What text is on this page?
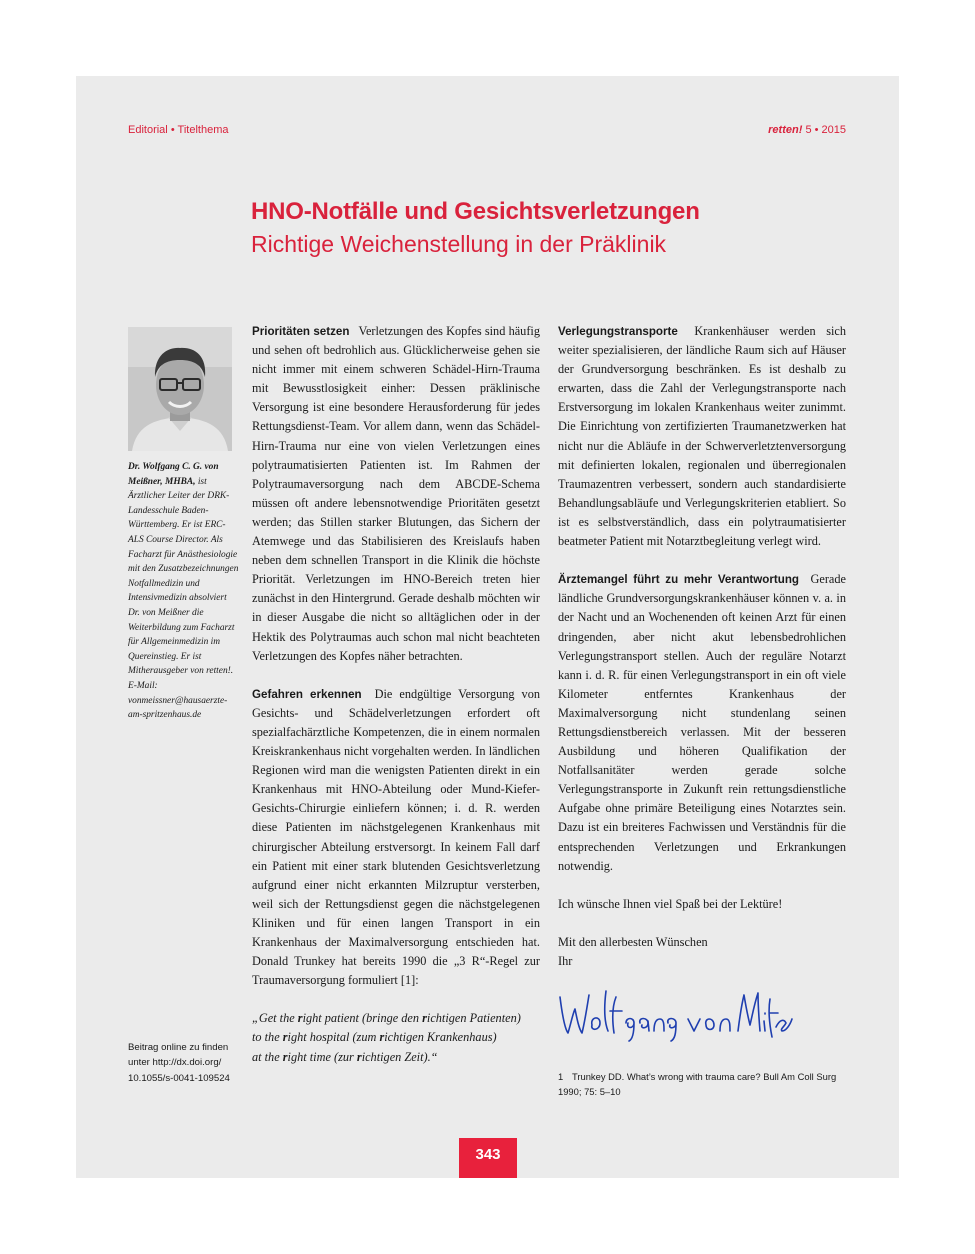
Editorial • Titelthema	retten! 5 • 2015
HNO-Notfälle und Gesichtsverletzungen
Richtige Weichenstellung in der Präklinik
Dr. Wolfgang C. G. von Meißner, MHBA, ist Ärztlicher Leiter der DRK-Landesschule Baden-Württemberg. Er ist ERC-ALS Course Director. Als Facharzt für Anästhesiologie mit den Zusatzbezeichnungen Notfallmedizin und Intensivmedizin absolviert Dr. von Meißner die Weiterbildung zum Facharzt für Allgemeinmedizin im Quereinstieg. Er ist Mitherausgeber von retten!. E-Mail: vonmeissner@hausaerzte-am-spritzenhaus.de
Beitrag online zu finden
unter http://dx.doi.org/
10.1055/s-0041-109524

Prioritäten setzen Verletzungen des Kopfes sind häufig und sehen oft bedrohlich aus. Glücklicherweise gehen sie nicht immer mit einem schweren Schädel-Hirn-Trauma mit Bewusstlosigkeit einher: Dessen präklinische Versorgung ist eine besondere Herausforderung für jedes Rettungsdienst-Team. Vor allem dann, wenn das Schädel-Hirn-Trauma nur eine von vielen Verletzungen eines polytraumatisierten Patienten ist. Im Rahmen der Polytraumaversorgung nach dem ABCDE-Schema müssen oft andere lebensnotwendige Prioritäten gesetzt werden; das Stillen starker Blutungen, das Sichern der Atemwege und das Stabilisieren des Kreislaufs haben neben dem schnellen Transport in die Klinik die höchste Priorität. Verletzungen im HNO-Bereich treten hier zunächst in den Hintergrund. Gerade deshalb möchten wir in dieser Ausgabe die nicht so alltäglichen oder in der Hektik des Polytraumas auch schon mal nicht beachteten Verletzungen des Kopfes näher betrachten.

Gefahren erkennen Die endgültige Versorgung von Gesichts- und Schädelverletzungen erfordert oft spezialfachärztliche Kompetenzen, die in einem normalen Kreiskrankenhaus nicht vorgehalten werden. In ländlichen Regionen wird man die wenigsten Patienten direkt in ein Krankenhaus mit HNO-Abteilung oder Mund-Kiefer-Gesichts-Chirurgie einliefern können; i. d. R. werden diese Patienten im nächstgelegenen Krankenhaus mit chirurgischer Abteilung erstversorgt. In keinem Fall darf ein Patient mit einer stark blutenden Gesichtsverletzung aufgrund einer nicht erkannten Milzruptur versterben, weil sich der Rettungsdienst gegen die nächstgelegenen Kliniken und für einen langen Transport in ein Krankenhaus der Maximalversorgung entschieden hat. Donald Trunkey hat bereits 1990 die „3 R“-Regel zur Traumaversorgung formuliert [1]:

„Get the right patient (bringe den richtigen Patienten)
to the right hospital (zum richtigen Krankenhaus)
at the right time (zur richtigen Zeit).“

Verlegungstransporte Krankenhäuser werden sich weiter spezialisieren, der ländliche Raum sich auf Häuser der Grundversorgung beschränken. Es ist deshalb zu erwarten, dass die Zahl der Verlegungstransporte nach Erstversorgung im lokalen Krankenhaus weiter zunimmt. Die Einrichtung von zertifizierten Traumanetzwerken hat nicht nur die Abläufe in der Schwerverletztenversorgung mit definierten lokalen, regionalen und überregionalen Traumazentren verbessert, sondern auch standardisierte Behandlungsabläufe und Verlegungskriterien etabliert. So ist es selbstverständlich, dass ein polytraumatisierter beatmeter Patient mit Notarztbegleitung verlegt wird.

Ärztemangel führt zu mehr Verantwortung Gerade ländliche Grundversorgungskrankenhäuser können v. a. in der Nacht und an Wochenenden oft keinen Arzt für einen dringenden, aber nicht akut lebensbedrohlichen Verlegungstransport stellen. Auch der reguläre Notarzt kann i. d. R. für einen Verlegungstransport in ein oft viele Kilometer entferntes Krankenhaus der Maximalversorgung nicht stundenlang seinen Rettungsdienstbereich verlassen. Mit der besseren Ausbildung und höheren Qualifikation der Notfallsanitäter werden gerade solche Verlegungstransporte in Zukunft rein rettungsdienstliche Aufgabe ohne primäre Beteiligung eines Notarztes sein. Dazu ist ein breiteres Fachwissen und Verständnis für die entsprechenden Verletzungen und Erkrankungen notwendig.

Ich wünsche Ihnen viel Spaß bei der Lektüre!

Mit den allerbesten Wünschen

Ihr

1 Trunkey DD. What’s wrong with trauma care? Bull Am Coll Surg 1990; 75: 5–10
343
